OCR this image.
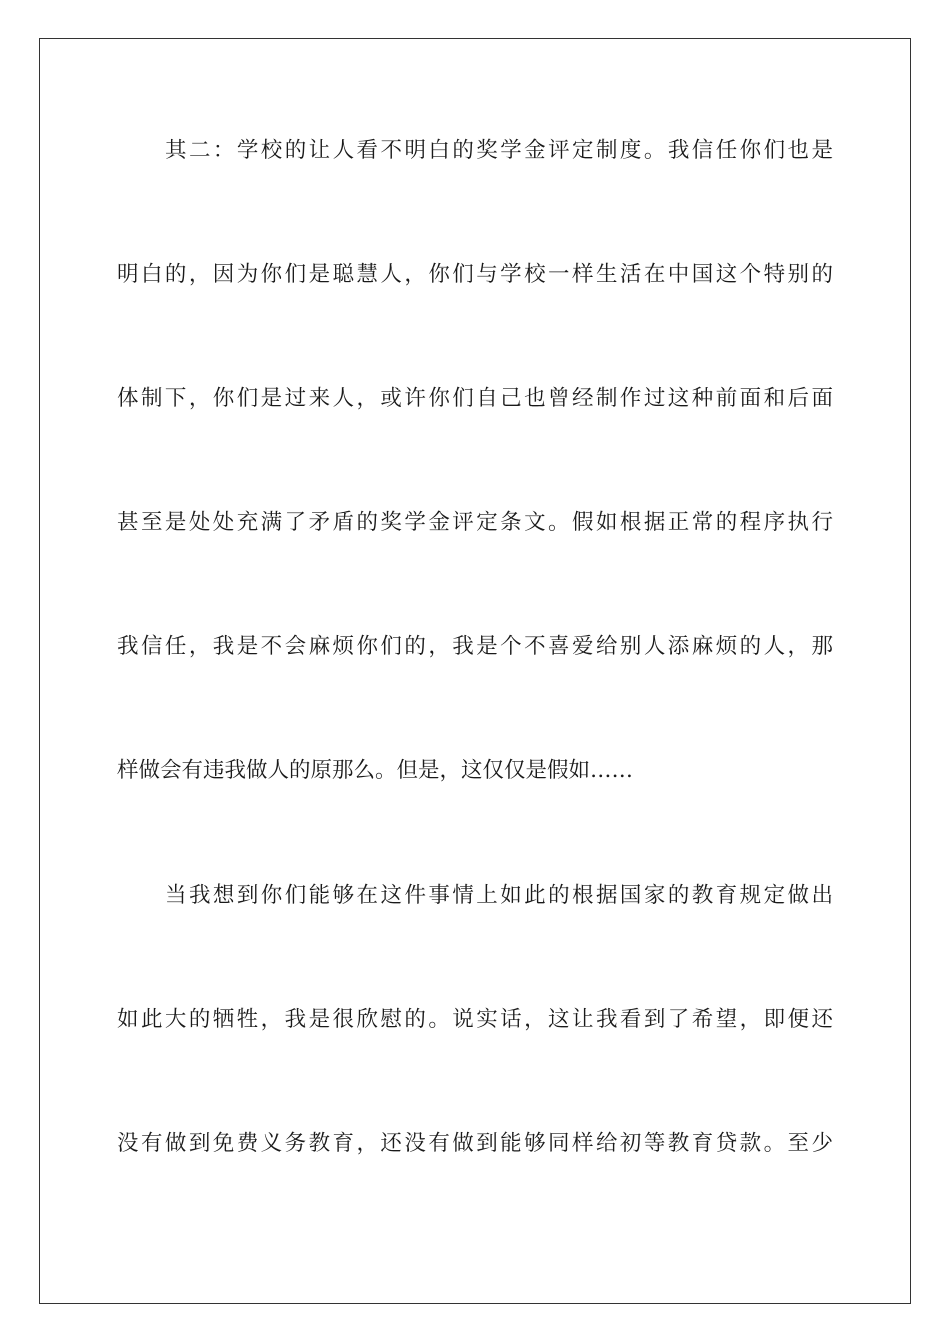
其二：学校的让人看不明白的奖学金评定制度。我信任你们也是
明白的，因为你们是聪慧人，你们与学校一样生活在中国这个特别的
体制下，你们是过来人，或许你们自己也曾经制作过这种前面和后面
甚至是处处充满了矛盾的奖学金评定条文。假如根据正常的程序执行
我信任，我是不会麻烦你们的，我是个不喜爱给别人添麻烦的人，那
样做会有违我做人的原那么。但是，这仅仅是假如……
当我想到你们能够在这件事情上如此的根据国家的教育规定做出
如此大的牺牲，我是很欣慰的。说实话，这让我看到了希望，即便还
没有做到免费义务教育，还没有做到能够同样给初等教育贷款。至少
